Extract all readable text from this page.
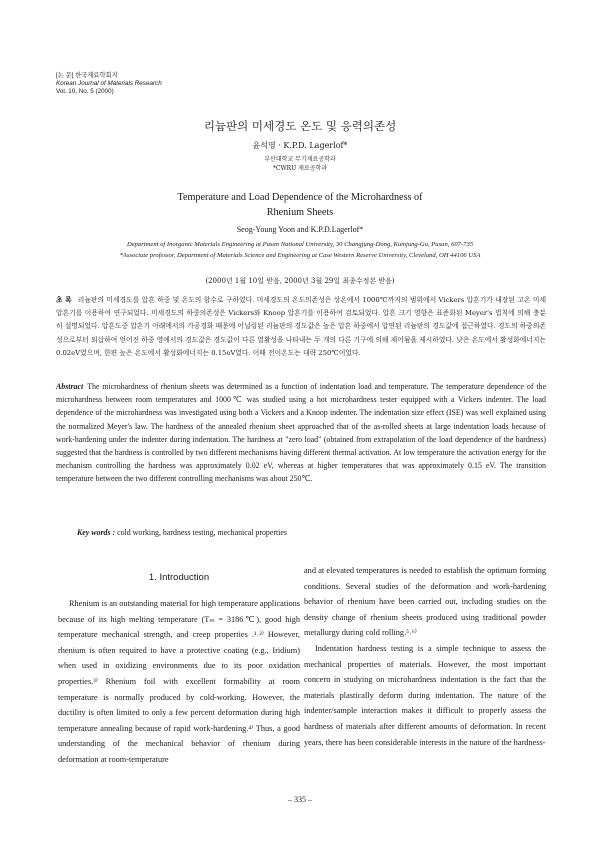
[논 문] 한국재료학회지
Korean Journal of Materials Research
Vol. 10, No. 5 (2000)
리늄판의 미세경도 온도 및 응력의존성
윤석영 · K.P.D. Lagerlof*
부산대학교 무기재료공학과
*CWRU 재료공학과
Temperature and Load Dependence of the Microhardness of
Rhenium Sheets
Seog-Young Yoon and K.P.D.Lagerlof*
Department of Inorganic Materials Engineering at Pusan National University, 30 Changjung-Dong, Kumjung-Gu, Pusan, 607-735
*Associate professor, Department of Materials Science and Engineering at Case Western Reserve University, Cleveland, OH 44106 USA
(2000년 1월 10일 받음, 2000년 3월 29일 최종수정본 받음)
초 록 리늄판의 미세경도를 압흔 하중 및 온도의 함수로 구하였다. 미세경도의 온도의존성은 상온에서 1000℃까지의 범위에서 Vickers 압흔기가 내장된 고온 미세압흔기를 이용하여 연구되었다. 미세경도의 하중의존성은 Vickers와 Knoop 압흔기를 이용하여 검토되었다. 압흔 크기 영향은 표준화된 Meyer's 법칙에 의해 충분히 설명되었다. 압흔도중 압흔기 아래에서의 가공경화 때문에 어닐링된 리늄판의 경도값은 높은 압흔 하중에서 압연된 리늄판의 경도값에 접근하였다. 경도의 하중의존성으로부터 외삽하여 얻어진 하중 영에서의 경도값은 경도값이 다른 열활성을 나타내는 두 개의 다른 기구에 의해 제어됨을 제시하였다. 낮은 온도에서 활성화에너지는 0.02eV였으며, 한편 높은 온도에서 활성화에너지는 0.15eV였다. 이때 전이온도는 대략 250℃이었다.
Abstract The microhardness of rhenium sheets was determined as a function of indentation load and temperature. The temperature dependence of the microhardness between room temperatures and 1000℃ was studied using a hot microhardness tester equipped with a Vickers indenter. The load dependence of the microhardness was investigated using both a Vickers and a Knoop indenter. The indentation size effect (ISE) was well explained using the normalized Meyer's law. The hardness of the annealed rhenium sheet approached that of the as-rolled sheets at large indentation loads because of work-hardening under the indenter during indentation. The hardness at "zero load" (obtained from extrapolation of the load dependence of the hardness) suggested that the hardness is controlled by two different mechanisms having different thermal activation. At low temperature the activation energy for the mechanism controlling the hardness was approximately 0.02 eV, whereas at higher temperatures that was approximately 0.15 eV. The transition temperature between the two different controlling mechanisms was about 250℃.
Key words : cold working, hardness testing, mechanical properties
1. Introduction

Rhenium is an outstanding material for high temperature applications because of its high melting temperature (Tₘ = 3186℃), good high temperature mechanical strength, and creep properties .¹˒²⁾ However, rhenium is often required to have a protective coating (e.g., Iridium) when used in oxidizing environments due to its poor oxidation properties.³⁾ Rhenium foil with excellent formability at room temperature is normally produced by cold-working. However, the ductility is often limited to only a few percent deformation during high temperature annealing because of rapid work-hardening.⁴⁾ Thus, a good understanding of the mechanical behavior of rhenium during deformation at room-temperature

and at elevated temperatures is needed to establish the optimum forming conditions. Several studies of the deformation and work-hardening behavior of rhenium have been carried out, including studies on the density change of rhenium sheets produced using traditional powder metallurgy during cold rolling.⁵˒⁶⁾

Indentation hardness testing is a simple technique to assess the mechanical properties of materials. However, the most important concern in studying on microhardness indentation is the fact that the materials plastically deform during indentation. The nature of the indenter/sample interaction makes it difficult to properly assess the hardness of materials after different amounts of deformation. In recent years, there has been considerable interests in the nature of the hardness-

– 335 –
